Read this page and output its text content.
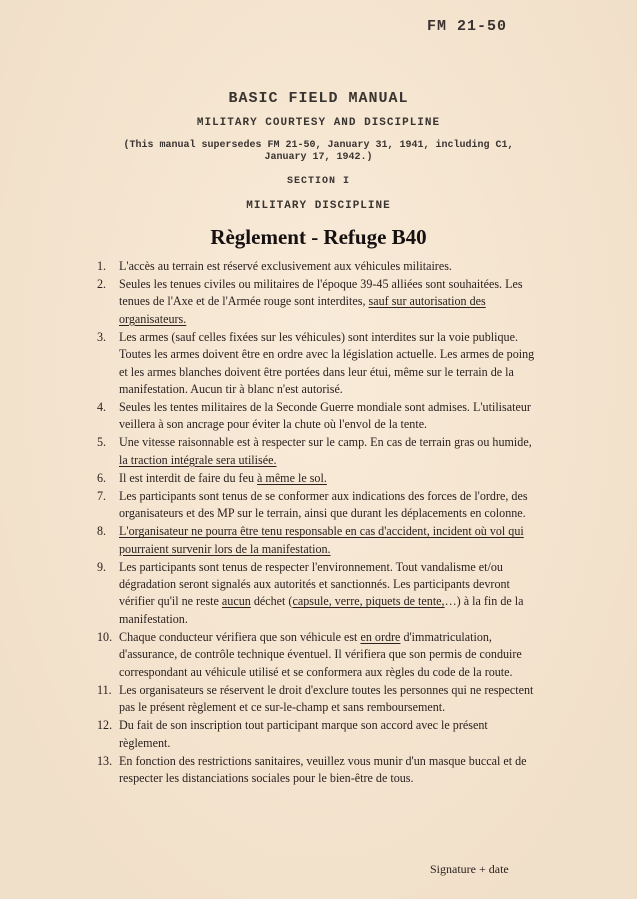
FM 21-50
BASIC FIELD MANUAL
MILITARY COURTESY AND DISCIPLINE
(This manual supersedes FM 21-50, January 31, 1941, including C1, January 17, 1942.)
SECTION I
MILITARY DISCIPLINE
Règlement - Refuge B40
1.	L'accès au terrain est réservé exclusivement aux véhicules militaires.
2.	Seules les tenues civiles ou militaires de l'époque 39-45 alliées sont souhaitées. Les tenues de l'Axe et de l'Armée rouge sont interdites, sauf sur autorisation des organisateurs.
3.	Les armes (sauf celles fixées sur les véhicules) sont interdites sur la voie publique. Toutes les armes doivent être en ordre avec la législation actuelle. Les armes de poing et les armes blanches doivent être portées dans leur étui, même sur le terrain de la manifestation. Aucun tir à blanc n'est autorisé.
4.	Seules les tentes militaires de la Seconde Guerre mondiale sont admises. L'utilisateur veillera à son ancrage pour éviter la chute où l'envol de la tente.
5.	Une vitesse raisonnable est à respecter sur le camp. En cas de terrain gras ou humide, la traction intégrale sera utilisée.
6.	Il est interdit de faire du feu à même le sol.
7.	Les participants sont tenus de se conformer aux indications des forces de l'ordre, des organisateurs et des MP sur le terrain, ainsi que durant les déplacements en colonne.
8.	L'organisateur ne pourra être tenu responsable en cas d'accident, incident où vol qui pourraient survenir lors de la manifestation.
9.	Les participants sont tenus de respecter l'environnement. Tout vandalisme et/ou dégradation seront signalés aux autorités et sanctionnés. Les participants devront vérifier qu'il ne reste aucun déchet (capsule, verre, piquets de tente,…) à la fin de la manifestation.
10. Chaque conducteur vérifiera que son véhicule est en ordre d'immatriculation, d'assurance, de contrôle technique éventuel. Il vérifiera que son permis de conduire correspondant au véhicule utilisé et se conformera aux règles du code de la route.
11. Les organisateurs se réservent le droit d'exclure toutes les personnes qui ne respectent pas le présent règlement et ce sur-le-champ et sans remboursement.
12. Du fait de son inscription tout participant marque son accord avec le présent règlement.
13. En fonction des restrictions sanitaires, veuillez vous munir d'un masque buccal et de respecter les distanciations sociales pour le bien-être de tous.
Signature + date
